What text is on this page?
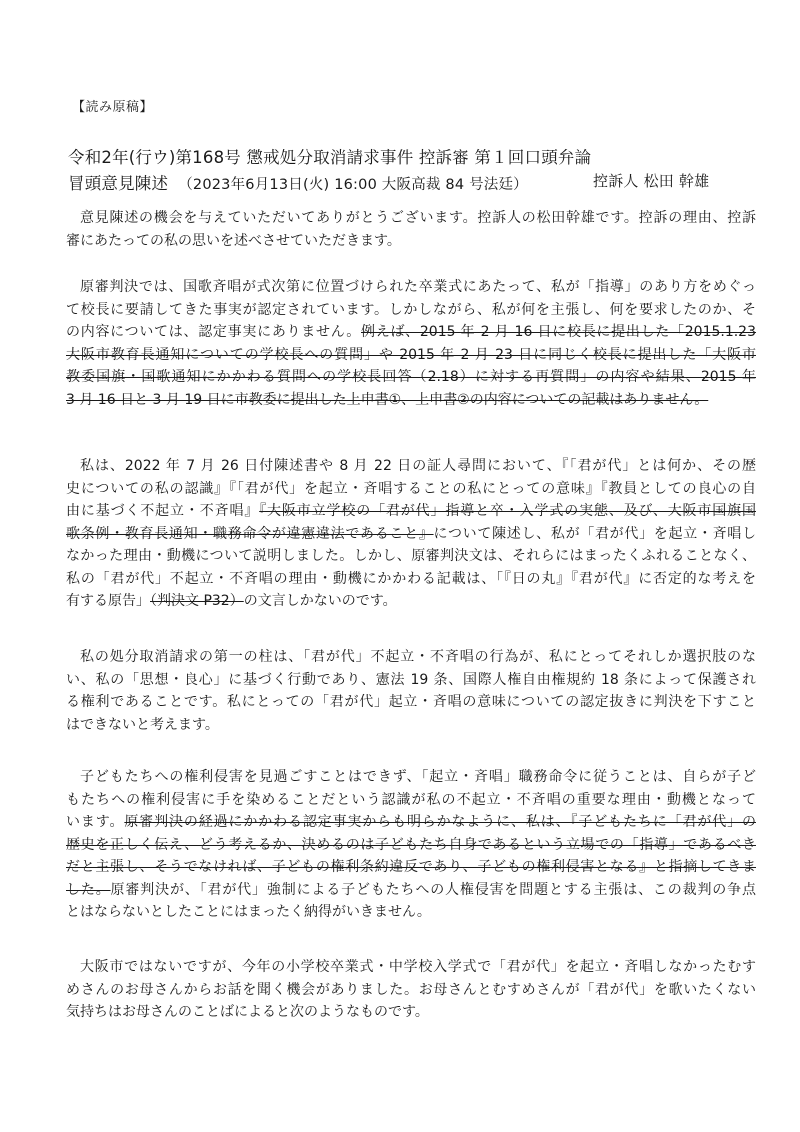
【読み原稿】
令和2年(行ウ)第168号 懲戒処分取消請求事件 控訴審 第１回口頭弁論
冒頭意見陳述 （2023年6月13日(火) 16:00 大阪高裁 84 号法廷）	控訴人 松田 幹雄

意見陳述の機会を与えていただいてありがとうございます。控訴人の松田幹雄です。控訴の理由、控訴
審にあたっての私の思いを述べさせていただきます。

原審判決では、国歌斉唱が式次第に位置づけられた卒業式にあたって、私が「指導」のあり方をめぐっ
て校長に要請してきた事実が認定されています。しかしながら、私が何を主張し、何を要求したのか、そ
の内容については、認定事実にありません。例えば、2015 年 2 月 16 日に校長に提出した「2015.1.23
大阪市教育長通知についての学校長への質問」や 2015 年 2 月 23 日に同じく校長に提出した「大阪市
教委国旗・国歌通知にかかわる質問への学校長回答（2.18）に対する再質問」の内容や結果、2015 年
3 月 16 日と 3 月 19 日に市教委に提出した上申書①、上申書②の内容についての記載はありません。

私は、2022 年 7 月 26 日付陳述書や 8 月 22 日の証人尋問において、『「君が代」とは何か、その歴
史についての私の認識』『「君が代」を起立・斉唱することの私にとっての意味』『教員としての良心の自
由に基づく不起立・不斉唱』『大阪市立学校の「君が代」指導と卒・入学式の実態、及び、大阪市国旗国
歌条例・教育長通知・職務命令が違憲違法であること』について陳述し、私が「君が代」を起立・斉唱し
なかった理由・動機について説明しました。しかし、原審判決文は、それらにはまったくふれることなく、
私の「君が代」不起立・不斉唱の理由・動機にかかわる記載は、「『日の丸』『君が代』に否定的な考えを
有する原告」（判決文 P32）の文言しかないのです。

私の処分取消請求の第一の柱は、「君が代」不起立・不斉唱の行為が、私にとってそれしか選択肢のな
い、私の「思想・良心」に基づく行動であり、憲法 19 条、国際人権自由権規約 18 条によって保護され
る権利であることです。私にとっての「君が代」起立・斉唱の意味についての認定抜きに判決を下すこと
はできないと考えます。

子どもたちへの権利侵害を見過ごすことはできず、「起立・斉唱」職務命令に従うことは、自らが子ど
もたちへの権利侵害に手を染めることだという認識が私の不起立・不斉唱の重要な理由・動機となって
います。原審判決の経過にかかわる認定事実からも明らかなように、私は、『子どもたちに「君が代」の
歴史を正しく伝え、どう考えるか、決めるのは子どもたち自身であるという立場での「指導」であるべき
だと主張し、そうでなければ、子どもの権利条約違反であり、子どもの権利侵害となる』と指摘してきま
した。原審判決が、「君が代」強制による子どもたちへの人権侵害を問題とする主張は、この裁判の争点
とはならないとしたことにはまったく納得がいきません。

大阪市ではないですが、今年の小学校卒業式・中学校入学式で「君が代」を起立・斉唱しなかったむす
めさんのお母さんからお話を聞く機会がありました。お母さんとむすめさんが「君が代」を歌いたくない
気持ちはお母さんのことばによると次のようなものです。
